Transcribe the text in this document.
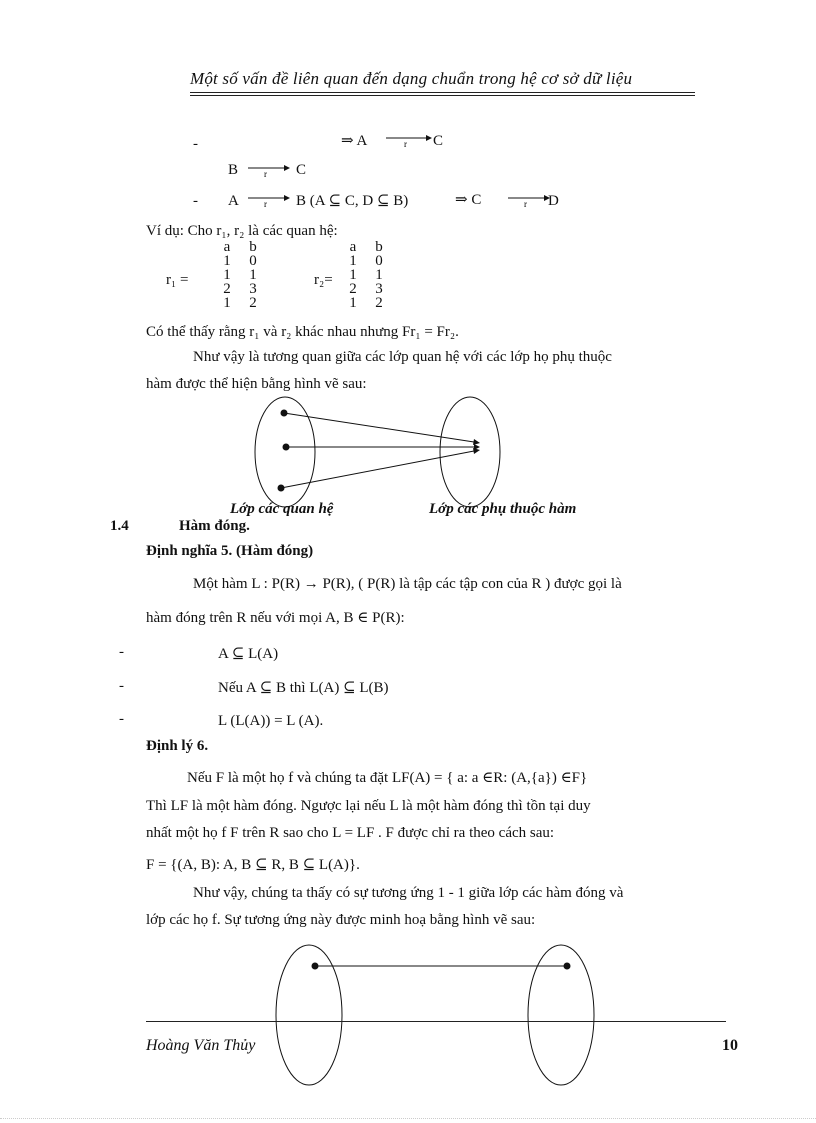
Một số vấn đề liên quan đến dạng chuẩn trong hệ cơ sở dữ liệu
-	⇒ A	r C
B	r C
- A	r B (A ⊆ C, D ⊆ B)	⇒ C	r D
Ví dụ: Cho r₁, r₂ là các quan hệ:
r₁ =
a b
1 0
1 1
2 3
1 2
r₂=
a b
1 0
1 1
2 3
1 2
Có thể thấy rằng r₁ và r₂ khác nhau nhưng Fr₁ = Fr₂.
Như vậy là tương quan giữa các lớp quan hệ với các lớp họ phụ thuộc
hàm được thể hiện bằng hình vẽ sau:
Lớp các quan hệ	Lớp các phụ thuộc hàm
1.4	Hàm đóng.
Định nghĩa 5. (Hàm đóng)
Một hàm L : P(R) → P(R), ( P(R) là tập các tập con của R ) được gọi là
hàm đóng trên R nếu với mọi A, B ∈ P(R):
-	A ⊆ L(A)
-	Nếu A ⊆ B thì L(A) ⊆ L(B)
-	L (L(A)) = L (A).
Định lý 6.
Nếu F là một họ f và chúng ta đặt LF(A) = { a: a ∈R: (A,{a}) ∈F}
Thì LF là một hàm đóng. Ngược lại nếu L là một hàm đóng thì tồn tại duy
nhất một họ f F trên R sao cho L = LF . F được chỉ ra theo cách sau:
F = {(A, B): A, B ⊆ R, B ⊆ L(A)}.
Như vậy, chúng ta thấy có sự tương ứng 1 - 1 giữa lớp các hàm đóng và
lớp các họ f. Sự tương ứng này được minh hoạ bằng hình vẽ sau:
Hoàng Văn Thủy	10
